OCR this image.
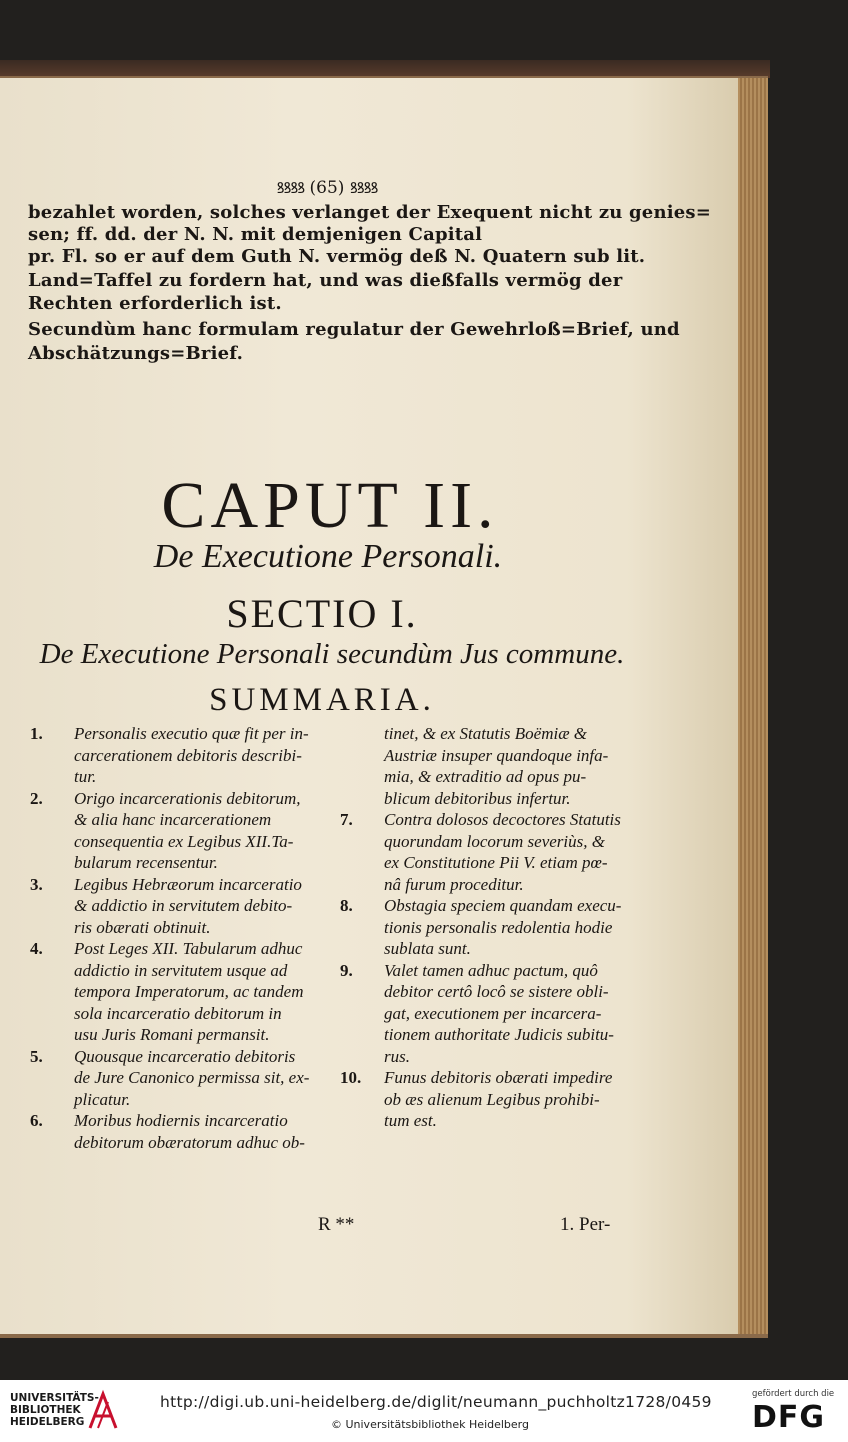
ꝸꝸꝸꝸ (65) ꝸꝸꝸꝸ
bezahlet worden, solches verlanget der Exequent nicht zu genies=
sen; ff. dd. der N. N. mit demjenigen Capital
pr. Fl. so er auf dem Guth N. vermög deß N. Quatern sub lit.
Land=Taffel zu fordern hat, und was dießfalls vermög der
Rechten erforderlich ist.
Secundùm hanc formulam regulatur der Gewehrloß=Brief, und
Abschätzungs=Brief.
CAPUT II.
De Executione Personali.
SECTIO I.
De Executione Personali secundùm Jus commune.
SUMMARIA.
1. Personalis executio quæ fit per in-
carcerationem debitoris describi-
tur.
2. Origo incarcerationis debitorum,
& alia hanc incarcerationem
consequentia ex Legibus XII.Ta-
bularum recensentur.
3. Legibus Hebræorum incarceratio
& addictio in servitutem debito-
ris obærati obtinuit.
4. Post Leges XII. Tabularum adhuc
addictio in servitutem usque ad
tempora Imperatorum, ac tandem
sola incarceratio debitorum in
usu Juris Romani permansit.
5. Quousque incarceratio debitoris
de Jure Canonico permissa sit, ex-
plicatur.
6. Moribus hodiernis incarceratio
debitorum obæratorum adhuc ob-
tinet, & ex Statutis Boëmiæ &
Austriæ insuper quandoque infa-
mia, & extraditio ad opus pu-
blicum debitoribus infertur.
7. Contra dolosos decoctores Statutis
quorundam locorum severiùs, &
ex Constitutione Pii V. etiam pœ-
nâ furum proceditur.
8. Obstagia speciem quandam execu-
tionis personalis redolentia hodie
sublata sunt.
9. Valet tamen adhuc pactum, quô
debitor certô locô se sistere obli-
gat, executionem per incarcera-
tionem authoritate Judicis subitu-
rus.
10. Funus debitoris obærati impedire
ob æs alienum Legibus prohibi-
tum est.
R **	1. Per-
UNIVERSITÄTS-
BIBLIOTHEK
HEIDELBERG
http://digi.ub.uni-heidelberg.de/diglit/neumann_puchholtz1728/0459
© Universitätsbibliothek Heidelberg
gefördert durch die
DFG
